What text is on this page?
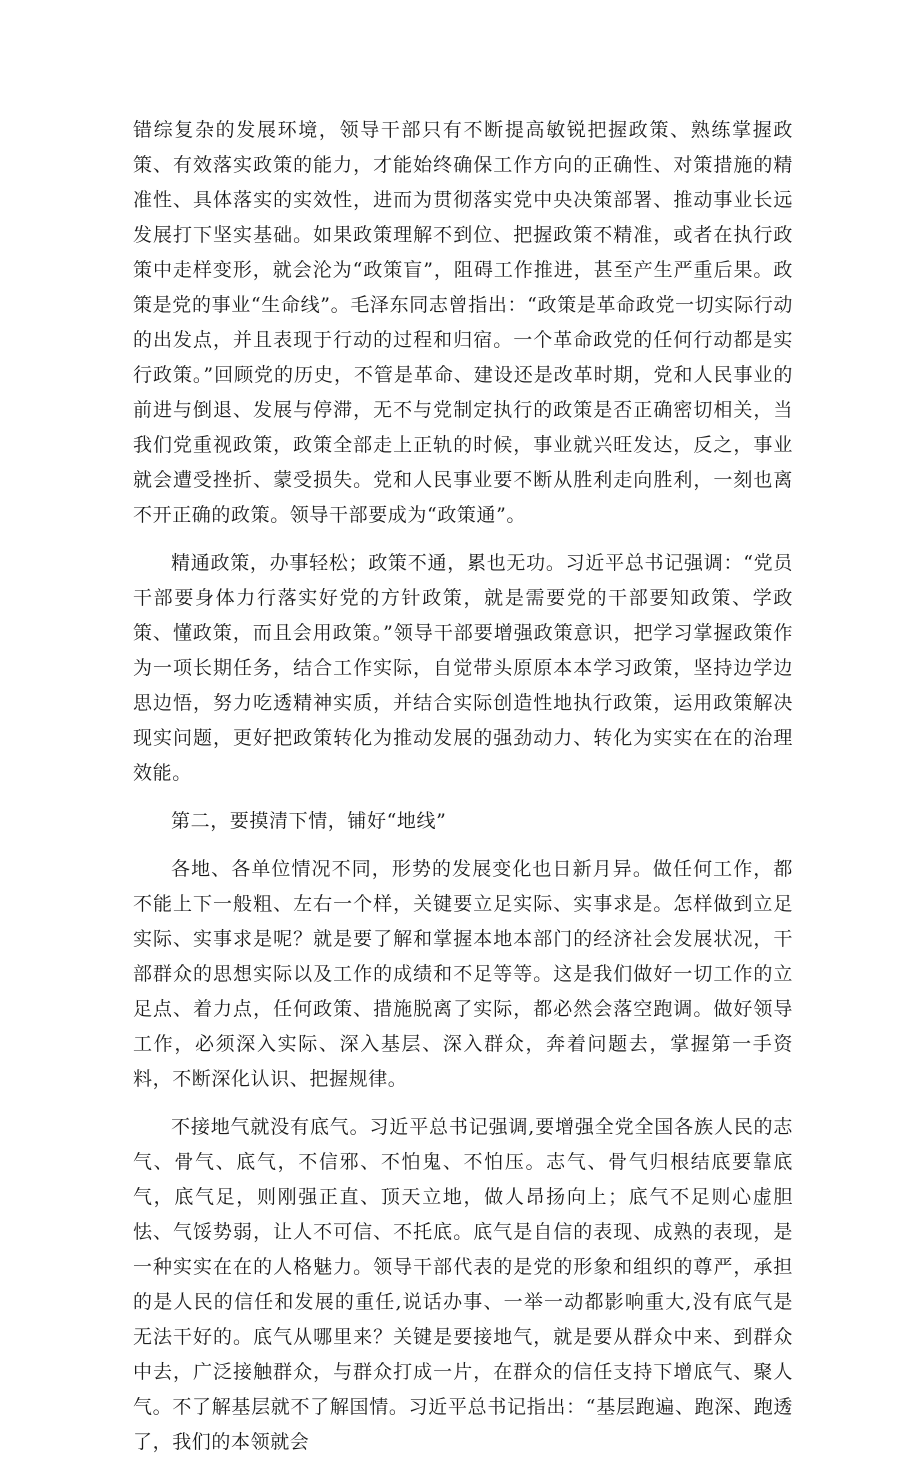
错综复杂的发展环境，领导干部只有不断提高敏锐把握政策、熟练掌握政策、有效落实政策的能力，才能始终确保工作方向的正确性、对策措施的精准性、具体落实的实效性，进而为贯彻落实党中央决策部署、推动事业长远发展打下坚实基础。如果政策理解不到位、把握政策不精准，或者在执行政策中走样变形，就会沦为“政策盲”，阻碍工作推进，甚至产生严重后果。政策是党的事业“生命线”。毛泽东同志曾指出：“政策是革命政党一切实际行动的出发点，并且表现于行动的过程和归宿。一个革命政党的任何行动都是实行政策。”回顾党的历史，不管是革命、建设还是改革时期，党和人民事业的前进与倒退、发展与停滞，无不与党制定执行的政策是否正确密切相关，当我们党重视政策，政策全部走上正轨的时候，事业就兴旺发达，反之，事业就会遭受挫折、蒙受损失。党和人民事业要不断从胜利走向胜利，一刻也离不开正确的政策。领导干部要成为“政策通”。

精通政策，办事轻松；政策不通，累也无功。习近平总书记强调：“党员干部要身体力行落实好党的方针政策，就是需要党的干部要知政策、学政策、懂政策，而且会用政策。”领导干部要增强政策意识，把学习掌握政策作为一项长期任务，结合工作实际，自觉带头原原本本学习政策，坚持边学边思边悟，努力吃透精神实质，并结合实际创造性地执行政策，运用政策解决现实问题，更好把政策转化为推动发展的强劲动力、转化为实实在在的治理效能。

第二，要摸清下情，铺好“地线”

各地、各单位情况不同，形势的发展变化也日新月异。做任何工作，都不能上下一般粗、左右一个样，关键要立足实际、实事求是。怎样做到立足实际、实事求是呢？就是要了解和掌握本地本部门的经济社会发展状况，干部群众的思想实际以及工作的成绩和不足等等。这是我们做好一切工作的立足点、着力点，任何政策、措施脱离了实际，都必然会落空跑调。做好领导工作，必须深入实际、深入基层、深入群众，奔着问题去，掌握第一手资料，不断深化认识、把握规律。

不接地气就没有底气。习近平总书记强调,要增强全党全国各族人民的志气、骨气、底气，不信邪、不怕鬼、不怕压。志气、骨气归根结底要靠底气，底气足，则刚强正直、顶天立地，做人昂扬向上；底气不足则心虚胆怯、气馁势弱，让人不可信、不托底。底气是自信的表现、成熟的表现，是一种实实在在的人格魅力。领导干部代表的是党的形象和组织的尊严，承担的是人民的信任和发展的重任,说话办事、一举一动都影响重大,没有底气是无法干好的。底气从哪里来？关键是要接地气，就是要从群众中来、到群众中去，广泛接触群众，与群众打成一片，在群众的信任支持下增底气、聚人气。不了解基层就不了解国情。习近平总书记指出：“基层跑遍、跑深、跑透了，我们的本领就会
